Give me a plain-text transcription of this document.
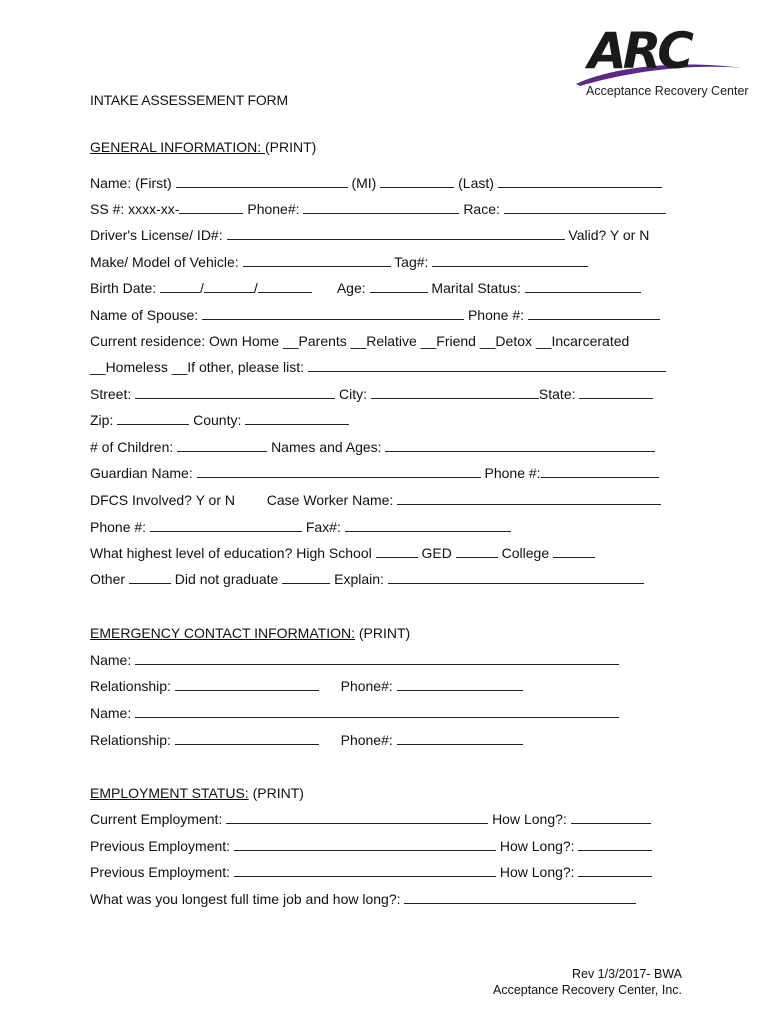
ARC
Acceptance Recovery Center
INTAKE ASSESSEMENT FORM
GENERAL INFORMATION: (PRINT)
Name: (First)	(MI)	(Last)
SS #: xxxx-xx-	Phone#:	Race:
Driver's License/ ID#:	Valid? Y or N
Make/ Model of Vehicle:	Tag#:
Birth Date:	/	/	Age:	Marital Status:
Name of Spouse:	Phone #:
Current residence: Own Home __Parents __Relative __Friend __Detox __Incarcerated
__Homeless __If other, please list:
Street:	City:	State:
Zip:	County:
# of Children:	Names and Ages:
Guardian Name:	Phone #:
DFCS Involved? Y or N Case Worker Name:
Phone #:	Fax#:
What highest level of education? High School	GED	College
Other	Did not graduate	Explain:
EMERGENCY CONTACT INFORMATION: (PRINT)
Name:
Relationship:	Phone#:
Name:
Relationship:	Phone#:
EMPLOYMENT STATUS: (PRINT)
Current Employment:	How Long?:
Previous Employment:	How Long?:
Previous Employment:	How Long?:
What was you longest full time job and how long?:
Rev 1/3/2017- BWA
Acceptance Recovery Center, Inc.
